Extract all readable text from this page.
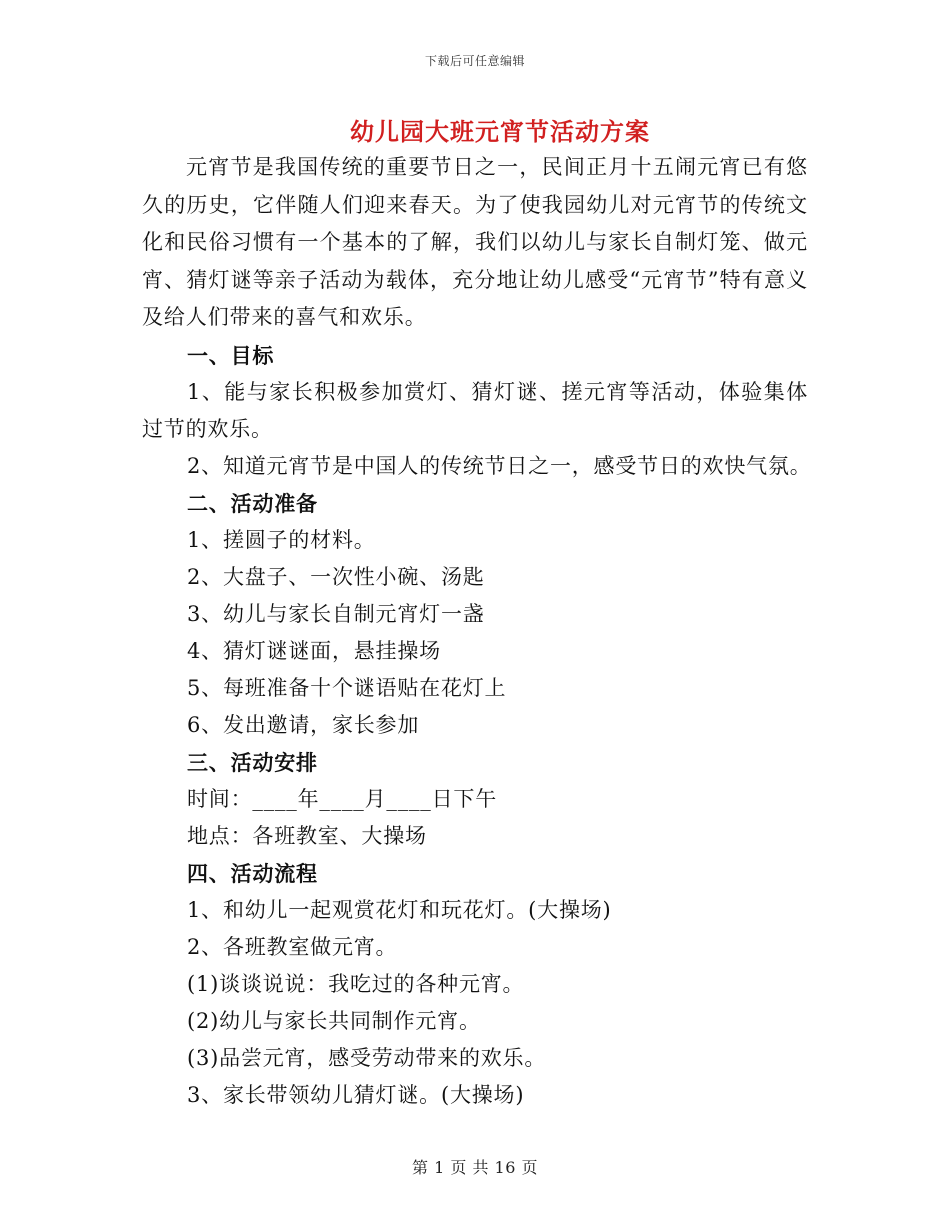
下载后可任意编辑
幼儿园大班元宵节活动方案

元宵节是我国传统的重要节日之一，民间正月十五闹元宵已有悠久的历史，它伴随人们迎来春天。为了使我园幼儿对元宵节的传统文化和民俗习惯有一个基本的了解，我们以幼儿与家长自制灯笼、做元宵、猜灯谜等亲子活动为载体，充分地让幼儿感受“元宵节”特有意义及给人们带来的喜气和欢乐。

一、目标

1、能与家长积极参加赏灯、猜灯谜、搓元宵等活动，体验集体过节的欢乐。

2、知道元宵节是中国人的传统节日之一，感受节日的欢快气氛。

二、活动准备

1、搓圆子的材料。

2、大盘子、一次性小碗、汤匙

3、幼儿与家长自制元宵灯一盏

4、猜灯谜谜面，悬挂操场

5、每班准备十个谜语贴在花灯上

6、发出邀请，家长参加

三、活动安排

时间：____年____月____日下午

地点：各班教室、大操场

四、活动流程

1、和幼儿一起观赏花灯和玩花灯。(大操场)

2、各班教室做元宵。

(1)谈谈说说：我吃过的各种元宵。

(2)幼儿与家长共同制作元宵。

(3)品尝元宵，感受劳动带来的欢乐。

3、家长带领幼儿猜灯谜。(大操场)

第 1 页 共 16 页
